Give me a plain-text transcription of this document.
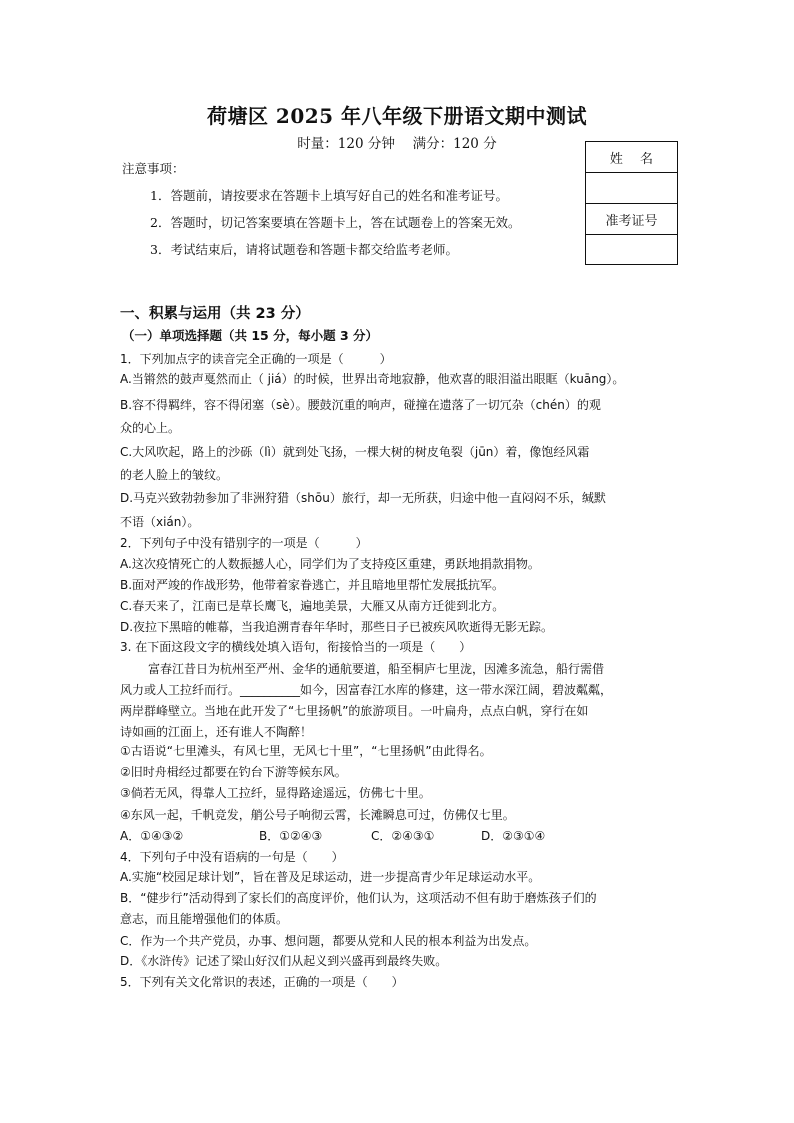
荷塘区 2025 年八年级下册语文期中测试
时量：120 分钟　 满分：120 分
注意事项：
1．答题前，请按要求在答题卡上填写好自己的姓名和准考证号。
2．答题时，切记答案要填在答题卡上，答在试题卷上的答案无效。
3．考试结束后，请将试题卷和答题卡都交给监考老师。
姓　 名
准考证号
一、积累与运用（共 23 分）
（一）单项选择题（共 15 分，每小题 3 分）
1．下列加点字的读音完全正确的一项是（　　　）
A.当锵然的鼓声戛然而止（ jiá）的时候，世界出奇地寂静，他欢喜的眼泪溢出眼眶（kuāng）。
B.容不得羁绊，容不得闭塞（sè）。腰鼓沉重的响声，碰撞在遗落了一切冗杂（chén）的观
众的心上。
C.大风吹起，路上的沙砾（lì）就到处飞扬，一棵大树的树皮龟裂（jūn）着，像饱经风霜
的老人脸上的皱纹。
D.马克兴致勃勃参加了非洲狩猎（shōu）旅行，却一无所获，归途中他一直闷闷不乐，缄默
不语（xián）。
2．下列句子中没有错别字的一项是（　　　）
A.这次疫情死亡的人数振撼人心，同学们为了支持疫区重建，勇跃地捐款捐物。
B.面对严竣的作战形势，他带着家眷逃亡，并且暗地里帮忙发展抵抗军。
C.春天来了，江南已是草长鹰飞，遍地美景，大雁又从南方迁徙到北方。
D.夜拉下黑暗的帷幕，当我追溯青春年华时，那些日子已被疾风吹逝得无影无踪。
3. 在下面这段文字的横线处填入语句，衔接恰当的一项是（　　）
富春江昔日为杭州至严州、金华的通航要道，船至桐庐七里泷，因滩多流急，船行需借
风力或人工拉纤而行。__________如今，因富春江水库的修建，这一带水深江阔，碧波粼粼，
两岸群峰壁立。当地在此开发了“七里扬帆”的旅游项目。一叶扁舟，点点白帆，穿行在如
诗如画的江面上，还有谁人不陶醉！
①古语说“七里滩头，有风七里，无风七十里”，“七里扬帆”由此得名。
②旧时舟楫经过都要在钓台下游等候东风。
③倘若无风，得靠人工拉纤，显得路途遥远，仿佛七十里。
④东风一起，千帆竞发，艄公号子响彻云霄，长滩瞬息可过，仿佛仅七里。
A．①④③②	B．①②④③	C．②④③①	D．②③①④
4．下列句子中没有语病的一句是（　　）
A.实施“校园足球计划”，旨在普及足球运动，进一步提高青少年足球运动水平。
B．“健步行”活动得到了家长们的高度评价，他们认为，这项活动不但有助于磨炼孩子们的
意志，而且能增强他们的体质。
C．作为一个共产党员，办事、想问题，都要从党和人民的根本利益为出发点。
D．《水浒传》记述了梁山好汉们从起义到兴盛再到最终失败。
5．下列有关文化常识的表述，正确的一项是（　　）
